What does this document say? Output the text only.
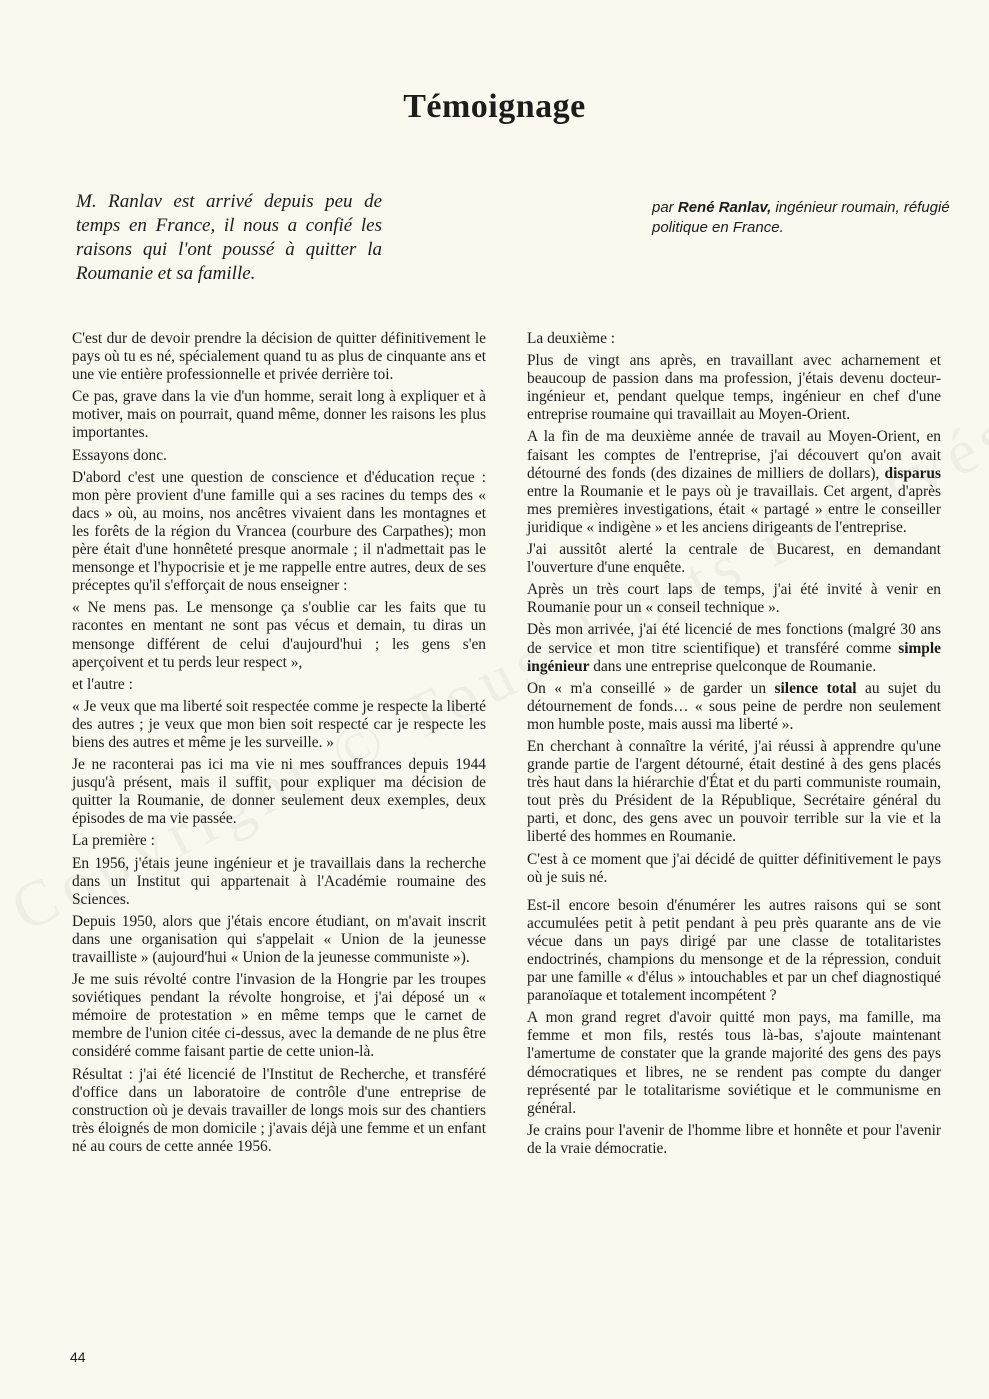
Témoignage
M. Ranlav est arrivé depuis peu de temps en France, il nous a confié les raisons qui l'ont poussé à quitter la Roumanie et sa famille.
par René Ranlav, ingénieur roumain, réfugié politique en France.

C'est dur de devoir prendre la décision de quitter définitivement le pays où tu es né, spécialement quand tu as plus de cinquante ans et une vie entière professionnelle et privée derrière toi.

Ce pas, grave dans la vie d'un homme, serait long à expliquer et à motiver, mais on pourrait, quand même, donner les raisons les plus importantes.

Essayons donc.

D'abord c'est une question de conscience et d'éducation reçue : mon père provient d'une famille qui a ses racines du temps des « dacs » où, au moins, nos ancêtres vivaient dans les montagnes et les forêts de la région du Vrancea (courbure des Carpathes); mon père était d'une honnêteté presque anormale ; il n'admettait pas le mensonge et l'hypocrisie et je me rappelle entre autres, deux de ses préceptes qu'il s'efforçait de nous enseigner :

« Ne mens pas. Le mensonge ça s'oublie car les faits que tu racontes en mentant ne sont pas vécus et demain, tu diras un mensonge différent de celui d'aujourd'hui ; les gens s'en aperçoivent et tu perds leur respect »,

et l'autre :

« Je veux que ma liberté soit respectée comme je respecte la liberté des autres ; je veux que mon bien soit respecté car je respecte les biens des autres et même je les surveille. »

Je ne raconterai pas ici ma vie ni mes souffrances depuis 1944 jusqu'à présent, mais il suffit, pour expliquer ma décision de quitter la Roumanie, de donner seulement deux exemples, deux épisodes de ma vie passée.

La première :

En 1956, j'étais jeune ingénieur et je travaillais dans la recherche dans un Institut qui appartenait à l'Académie roumaine des Sciences.

Depuis 1950, alors que j'étais encore étudiant, on m'avait inscrit dans une organisation qui s'appelait « Union de la jeunesse travailliste » (aujourd'hui « Union de la jeunesse communiste »).

Je me suis révolté contre l'invasion de la Hongrie par les troupes soviétiques pendant la révolte hongroise, et j'ai déposé un « mémoire de protestation » en même temps que le carnet de membre de l'union citée ci-dessus, avec la demande de ne plus être considéré comme faisant partie de cette union-là.

Résultat : j'ai été licencié de l'Institut de Recherche, et transféré d'office dans un laboratoire de contrôle d'une entreprise de construction où je devais travailler de longs mois sur des chantiers très éloignés de mon domicile ; j'avais déjà une femme et un enfant né au cours de cette année 1956.

La deuxième :

Plus de vingt ans après, en travaillant avec acharnement et beaucoup de passion dans ma profession, j'étais devenu docteur-ingénieur et, pendant quelque temps, ingénieur en chef d'une entreprise roumaine qui travaillait au Moyen-Orient.

A la fin de ma deuxième année de travail au Moyen-Orient, en faisant les comptes de l'entreprise, j'ai découvert qu'on avait détourné des fonds (des dizaines de milliers de dollars), disparus entre la Roumanie et le pays où je travaillais. Cet argent, d'après mes premières investigations, était « partagé » entre le conseiller juridique « indigène » et les anciens dirigeants de l'entreprise.

J'ai aussitôt alerté la centrale de Bucarest, en demandant l'ouverture d'une enquête.

Après un très court laps de temps, j'ai été invité à venir en Roumanie pour un « conseil technique ».

Dès mon arrivée, j'ai été licencié de mes fonctions (malgré 30 ans de service et mon titre scientifique) et transféré comme simple ingénieur dans une entreprise quelconque de Roumanie.

On « m'a conseillé » de garder un silence total au sujet du détournement de fonds… « sous peine de perdre non seulement mon humble poste, mais aussi ma liberté ».

En cherchant à connaître la vérité, j'ai réussi à apprendre qu'une grande partie de l'argent détourné, était destiné à des gens placés très haut dans la hiérarchie d'État et du parti communiste roumain, tout près du Président de la République, Secrétaire général du parti, et donc, des gens avec un pouvoir terrible sur la vie et la liberté des hommes en Roumanie.

C'est à ce moment que j'ai décidé de quitter définitivement le pays où je suis né.

Est-il encore besoin d'énumérer les autres raisons qui se sont accumulées petit à petit pendant à peu près quarante ans de vie vécue dans un pays dirigé par une classe de totalitaristes endoctrinés, champions du mensonge et de la répression, conduit par une famille « d'élus » intouchables et par un chef diagnostiqué paranoïaque et totalement incompétent ?

A mon grand regret d'avoir quitté mon pays, ma famille, ma femme et mon fils, restés tous là-bas, s'ajoute maintenant l'amertume de constater que la grande majorité des gens des pays démocratiques et libres, ne se rendent pas compte du danger représenté par le totalitarisme soviétique et le communisme en général.

Je crains pour l'avenir de l'homme libre et honnête et pour l'avenir de la vraie démocratie.

44
